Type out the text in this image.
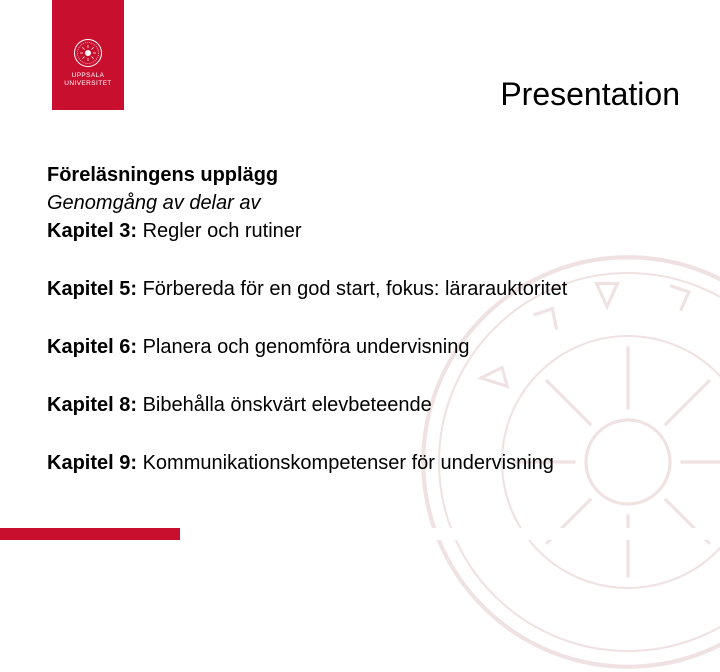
UPPSALA
UNIVERSITET	Presentation
Föreläsningens upplägg
Genomgång av delar av
Kapitel 3: Regler och rutiner
Kapitel 5: Förbereda för en god start, fokus: lärarauktoritet
Kapitel 6: Planera och genomföra undervisning
Kapitel 8: Bibehålla önskvärt elevbeteende
Kapitel 9: Kommunikationskompetenser för undervisning
